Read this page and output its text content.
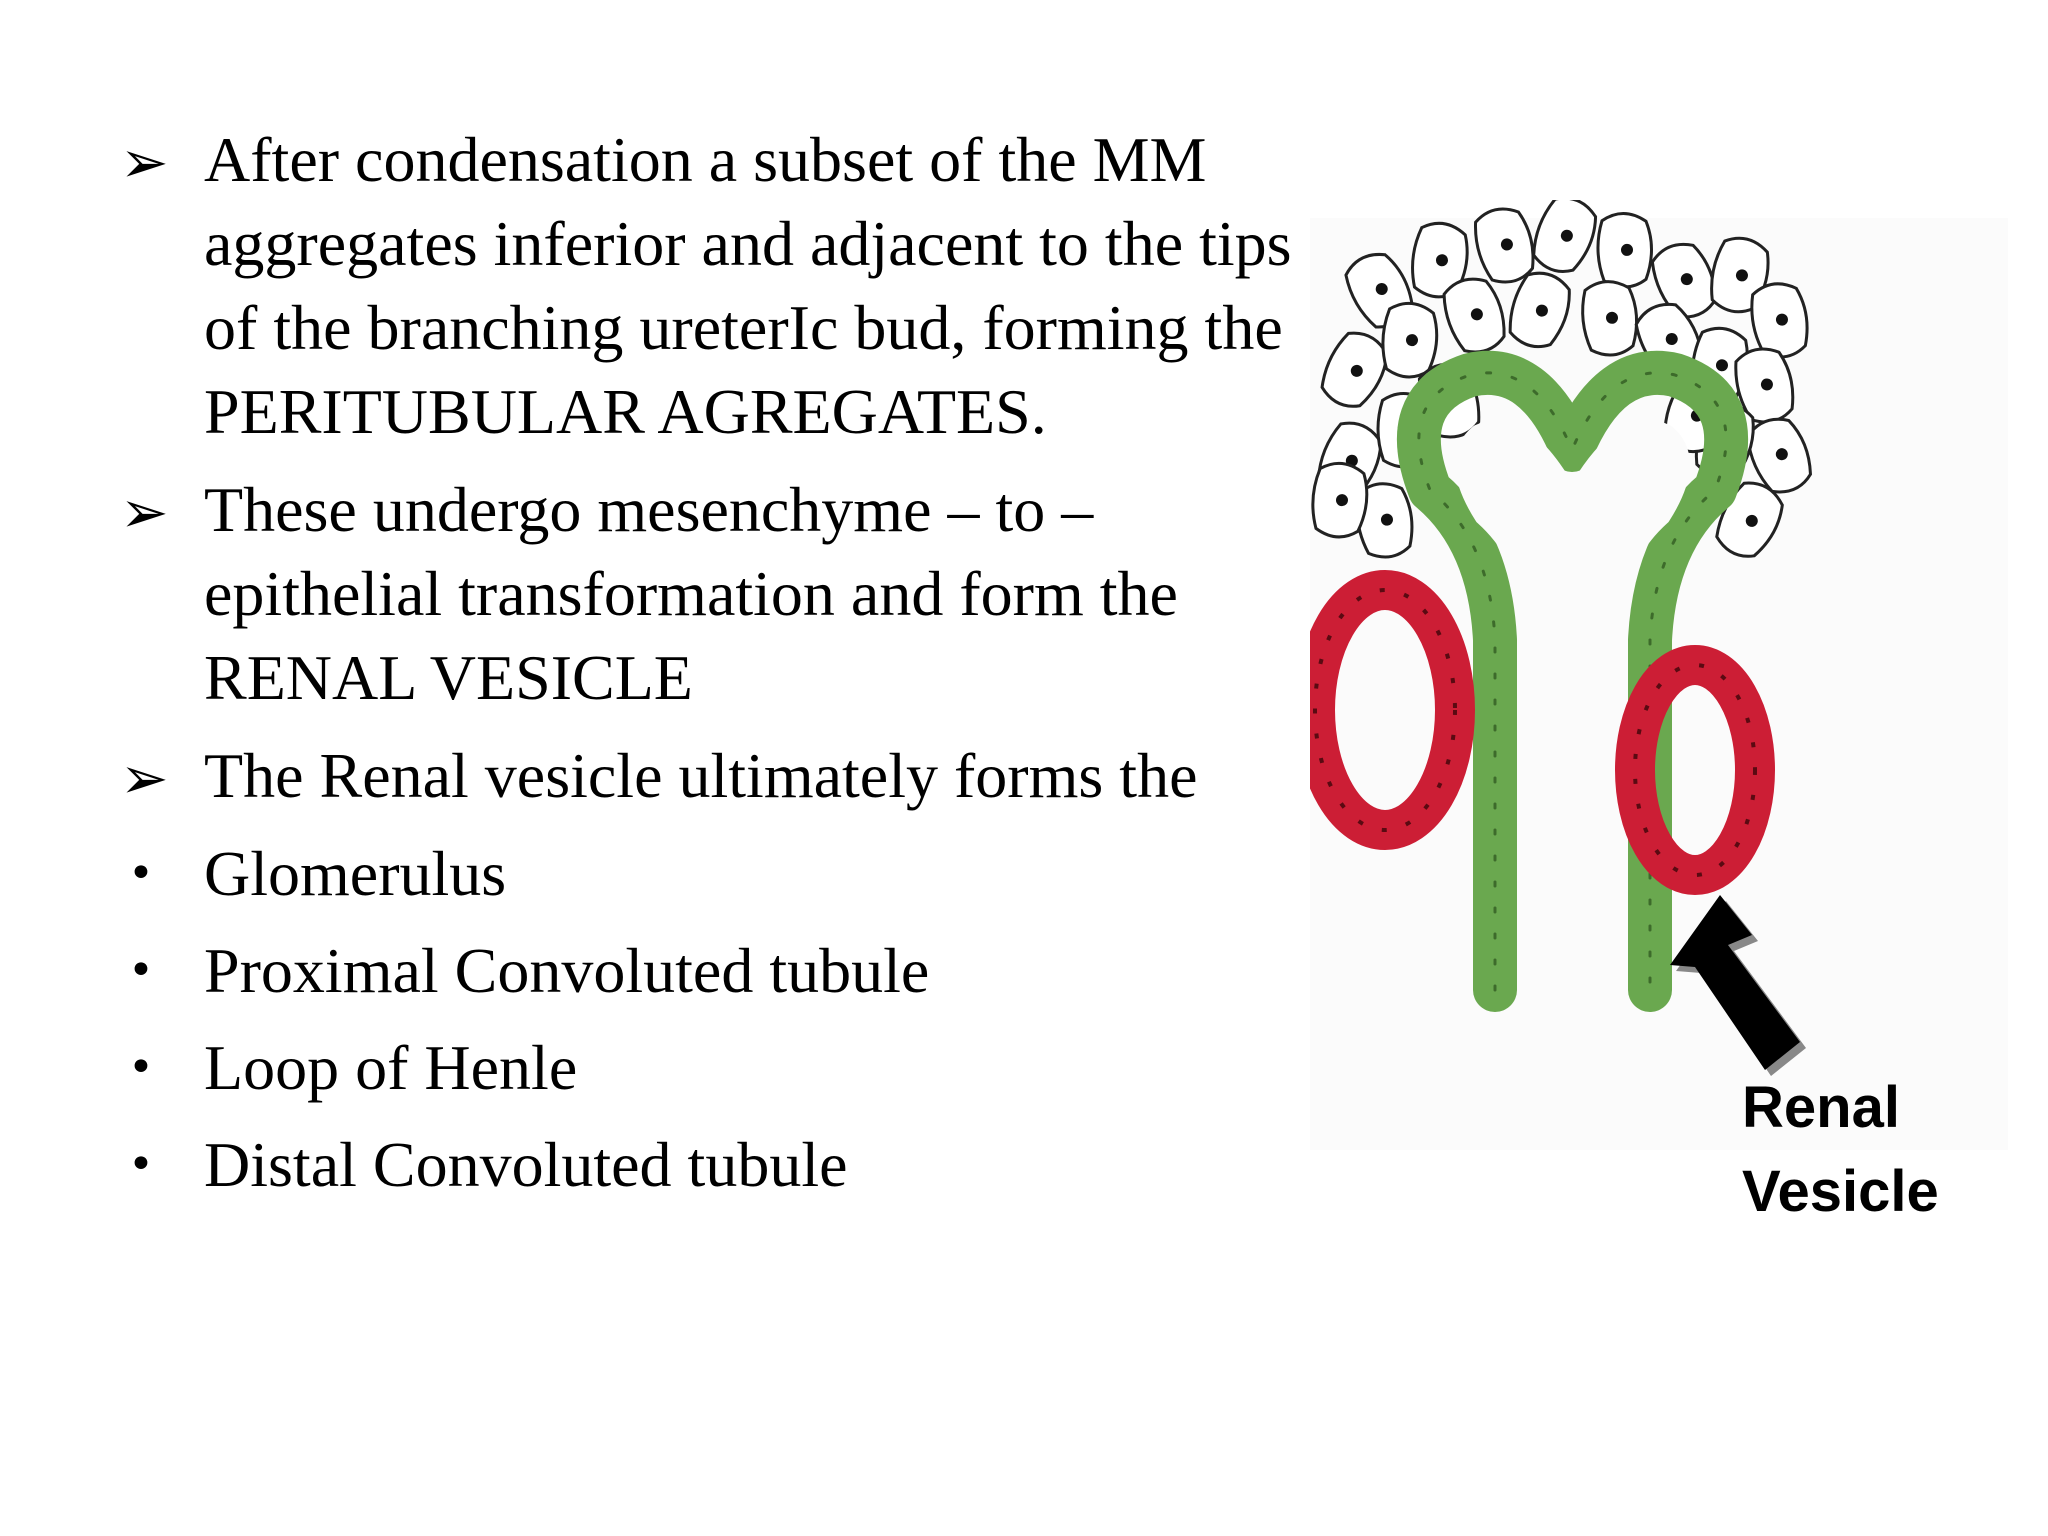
➢ After condensation a subset of the MM aggregates inferior and adjacent to the tips of the branching ureterIc bud, forming the PERITUBULAR AGREGATES.
➢ These undergo mesenchyme – to – epithelial transformation and form the RENAL VESICLE
➢ The Renal vesicle ultimately forms the
• Glomerulus
• Proximal Convoluted tubule
• Loop of Henle
• Distal Convoluted tubule
Renal
Vesicle
